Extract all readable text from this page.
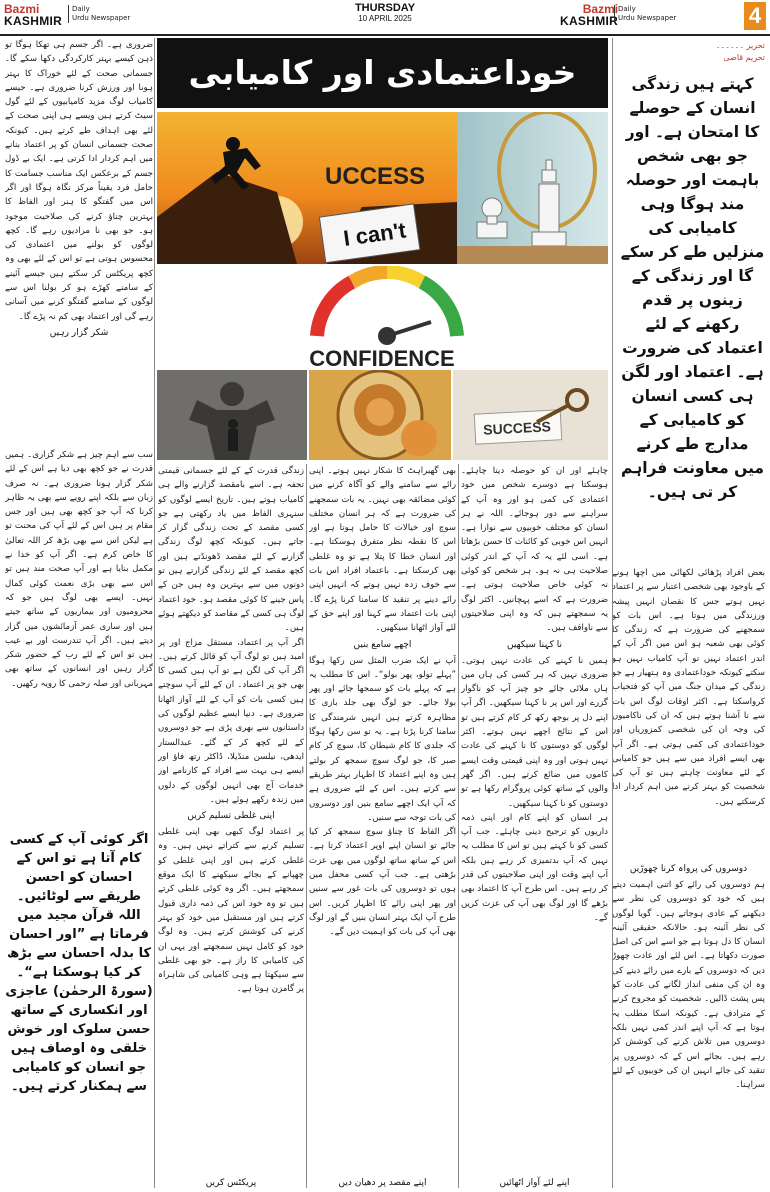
Bazmi
KASHMIR
Daily
Urdu Newspaper
THURSDAY
10 APRIL 2025
Bazmi
KASHMIR
Daily
Urdu Newspaper	4
تحریر ۔۔۔۔۔۔
تحریم قاضی
کہتے ہیں زندگی انسان کے حوصلے کا امتحان ہے۔ اور جو بھی شخص باہمت اور حوصلہ مند ہوگا وہی کامیابی کی منزلیں طے کر سکے گا اور زندگی کے زینوں پر قدم رکھنے کے لئے اعتماد کی ضرورت ہے۔ اعتماد اور لگن ہی کسی انسان کو کامیابی کے مدارج طے کرنے میں معاونت فراہم کر تی ہیں۔

بعض افراد پڑھائی لکھائی میں اچھا ہونے کے باوجود بھی شخصی اعتبار سے پر اعتماد نہیں ہوتے جس کا نقصان انہیں پیشہ ورزندگی میں ہوتا ہے۔ اس بات کو سمجھنے کی ضرورت ہے کہ زندگی کا کوئی بھی شعبہ ہو اس میں اگر آپ کے اندر اعتماد نہیں تو آپ کامیاب نہیں ہو سکتے کیونکہ خوداعتمادی وہ ہتھیار ہے جو زندگی کے میدان جنگ میں آپ کو فتحیاب کرواسکتا ہے۔ اکثر اوقات لوگ اس بات سے نا آشنا ہوتے ہیں کہ ان کی ناکامیوں کی وجہ ان کی شخصی کمزوریاں اور خوداعتمادی کی کمی ہوتی ہے۔ اگر آپ بھی ایسے افراد میں سے ہیں جو کامیابی کے لئے معاونت چاہتے ہیں تو آپ کی شخصیت کو بہتر کرنے میں اہم کردار ادا کرسکتے ہیں۔

دوسروں کی پرواہ کرنا چھوڑیں

ہم دوسروں کی رائے کو اتنی اہمیت دیتے ہیں کہ خود کو دوسروں کی نظر سے دیکھنے کے عادی ہوجاتے ہیں۔ گویا لوگوں کی نظر آئینہ ہو۔ حالانکہ حقیقی آئینہ انسان کا دل ہوتا ہے جو اسے اس کی اصل صورت دکھاتا ہے۔ اس لئے اور عادت چھوڑ دیں کہ دوسروں کے بارے میں رائے دینے کی وہ ان کی منفی انداز لگانے کی عادت کو پس پشت ڈالیں۔ شخصیت کو مجروح کرنے کے مترادف ہے۔ کیونکہ اسکا مطلب یہ ہوتا ہے کہ آپ اپنے اندر کمی نہیں بلکہ دوسروں میں تلاش کرنے کی کوشش کر رہے ہیں۔ بجائے اس کے کہ دوسروں پر تنقید کی جائے انہیں ان کی خوبیوں کے لئے سراہنا۔

خوداعتمادی اور کامیابی
UCCESS
I can't
CONFIDENCE
SUCCESS

ضروری ہے۔ اگر جسم ہی تھکا ہوگا تو ذہن کیسے بہتر کارکردگی دکھا سکے گا۔ جسمانی صحت کے لئے خوراک کا بہتر ہونا اور ورزش کرنا ضروری ہے۔ جیسے کامیاب لوگ مزید کامیابیوں کے لئے گول سیٹ کرتے ہیں ویسے ہی اپنی صحت کے لئے بھی اہداف طے کرتے ہیں۔ کیونکہ صحت جسمانی انسان کو پر اعتماد بنانے میں اہم کردار ادا کرتی ہے۔ ایک بے ڈول جسم کے برعکس ایک مناسب جسامت کا حامل فرد یقیناً مرکز نگاہ ہوگا اور اگر اس میں گفتگو کا ہنر اور الفاظ کا بہترین چناؤ کرنے کی صلاحیت موجود ہو۔ جو بھی نا مرادیوں رہے گا۔ کچھ لوگوں کو بولنے میں اعتمادی کی محسوس ہوتی ہے تو اس کے لئے بھی وہ کچھ پریکٹس کر سکتے ہیں جیسے آئینے کے سامنے کھڑے ہو کر بولنا اس سے لوگوں کے سامنے گفتگو کرنے میں آسانی رہے گی اور اعتماد بھی کم نہ پڑے گا۔

شکر گزار رہیں

سب سے اہم چیز ہے شکر گزاری۔ ہمیں قدرت نے جو کچھ بھی دیا ہے اس کے لئے شکر گزار ہونا ضروری ہے۔ نہ صرف زبان سے بلکہ اپنے رویے سے بھی یہ ظاہر کرنا کہ آپ جو کچھ بھی ہیں اور جس مقام پر ہیں اس کے لئے آپ کی محنت تو ہے لیکن اس سے بھی بڑھ کر اللہ تعالیٰ کا خاص کرم ہے۔ اگر آپ کو خدا نے مکمل بنایا ہے اور آپ صحت مند ہیں تو اس سے بھی بڑی نعمت کوئی کمال نہیں۔ ایسے بھی لوگ ہیں جو کہ محرومیوں اور بیماریوں کے ساتھ جیتے ہیں اور ساری عمر آزمائشوں میں گزار دیتے ہیں۔ اگر آپ تندرست اور بے عیب ہیں تو اس کے لئے رب کے حضور شکر گزار رہیں اور انسانوں کے ساتھ بھی مہربانی اور صلہ رحمی کا رویہ رکھیں۔

اگر کوئی آپ کے کسی کام آتا ہے تو اس کے احسان کو احسن طریقے سے لوٹائیں۔ اللہ قرآن مجید میں فرماتا ہے ”اور احسان کا بدلہ احسان سے بڑھ کر کیا ہوسکتا ہے“۔ (سورۃ الرحمٰن) عاجزی اور انکساری کے ساتھ حسن سلوک اور خوش خلقی وہ اوصاف ہیں جو انسان کو کامیابی سے ہمکنار کرتے ہیں۔

زندگی قدرت کے کے لئے جسمانی قیمتی تحفہ ہے۔ اسے بامقصد گزارنے والے ہی کامیاب ہوتے ہیں۔ تاریخ ایسے لوگوں کو سنہری الفاظ میں یاد رکھتی ہے جو کسی مقصد کے تحت زندگی گزار کر جاتے ہیں۔ کیونکہ کچھ لوگ زندگی گزارنے کے لئے مقصد ڈھونڈتے ہیں اور کچھ مقصد کے لئے زندگی گزارتے ہیں تو دونوں میں سے بہترین وہ ہیں جن کے پاس جینے کا کوئی مقصد ہو۔ خود اعتماد لوگ ہی کسی کے مقاصد کو دیکھتے ہوئے ہیں۔

اگر آپ پر اعتماد، مستقل مزاج اور پر امید ہیں تو لوگ آپ کو قائل کرتے ہیں۔ اگر آپ کی لگن ہے تو آپ ہیں کسی کا بھی جو پر اعتماد۔ ان کے لئے آپ سوچتے ہیں کسی بات کو آپ کے لئے آواز اٹھانا ضروری ہے۔ دنیا ایسے عظیم لوگوں کی داستانوں سے بھری پڑی ہے جو دوسروں کے لئے کچھ کر کے گئے۔ عبدالستار ایدھی، نیلسن منڈیلا، ڈاکٹر رتھ فاؤ اور ایسے ہی بہت سے افراد کے کارنامے اور خدمات آج بھی انہیں لوگوں کے دلوں میں زندہ رکھے ہوئے ہیں۔

اپنی غلطی تسلیم کریں

پر اعتماد لوگ کبھی بھی اپنی غلطی تسلیم کرنے سے کتراتے نہیں ہیں۔ وہ غلطی کرتے ہیں اور اپنی غلطی کو چھپانے کے بجائے سیکھنے کا ایک موقع سمجھتے ہیں۔ اگر وہ کوئی غلطی کرتے ہیں تو وہ خود اس کی ذمہ داری قبول کرتے ہیں اور مستقبل میں خود کو بہتر کرنے کی کوشش کرتے ہیں۔ وہ لوگ خود کو کامل نہیں سمجھتے اور یہی ان کی کامیابی کا راز ہے۔ جو بھی غلطی سے سیکھتا ہے وہی کامیابی کی شاہراہ پر گامزن ہوتا ہے۔

پریکٹس کریں

بھی گھبراہٹ کا شکار نہیں ہوتے۔ اپنی رائے سے سامنے والے کو آگاہ کرنے میں کوئی مضائقہ بھی نہیں۔ یہ بات سمجھنے کی ضرورت ہے کہ ہر انسان مختلف سوچ اور خیالات کا حامل ہوتا ہے اور اس کا نقطہ نظر متفرق ہوسکتا ہے۔ اور انسان خطا کا پتلا ہے تو وہ غلطی بھی کرسکتا ہے۔ باعتماد افراد اس بات سے خوف زدہ نہیں ہوتے کہ انہیں اپنی رائے دینے پر تنقید کا سامنا کرنا پڑے گا۔ اپنی بات اعتماد سے کہنا اور اپنے حق کے لئے آواز اٹھانا سیکھیں۔

اچھے سامع بنیں

آپ نے ایک ضرب المثل سن رکھا ہوگا ”پہلے تولو، پھر بولو“۔ اس کا مطلب یہ ہے کہ پہلے بات کو سمجھا جائے اور پھر بولا جائے۔ جو لوگ بھی جلد بازی کا مظاہرہ کرتے ہیں انہیں شرمندگی کا سامنا کرنا پڑتا ہے۔ یہ تو سن رکھا ہوگا کہ جلدی کا کام شیطان کا، سوچ کر کام صبر کا، جو لوگ سوچ سمجھ کر بولتے ہیں وہ اپنے اعتماد کا اظہار بہتر طریقے سے کرتے ہیں۔ اس کے لئے ضروری ہے کہ آپ ایک اچھے سامع بنیں اور دوسروں کی بات توجہ سے سنیں۔

اگر الفاظ کا چناؤ سوچ سمجھ کر کیا جائے تو انسان اپنے اوپر اعتماد کرتا ہے۔ اس کے ساتھ ساتھ لوگوں میں بھی عزت بڑھتی ہے۔ جب آپ کسی محفل میں ہوں تو دوسروں کی بات غور سے سنیں اور پھر اپنی رائے کا اظہار کریں۔ اس طرح آپ ایک بہتر انسان بنیں گے اور لوگ بھی آپ کی بات کو اہمیت دیں گے۔

اپنے مقصد پر دھیان دیں

چاہئے اور ان کو حوصلہ دینا چاہئے۔ ہوسکتا ہے دوسرے شخص میں خود اعتمادی کی کمی ہو اور وہ آپ کے سراہنے سے دور ہوجائے۔ اللہ نے ہر انسان کو مختلف خوبیوں سے نوازا ہے۔ انہیں اس خوبی کو کائنات کا حسن بڑھاتا ہے۔ اسی لئے یہ کہ آپ کے اندر کوئی صلاحیت ہی نہ ہو۔ ہر شخص کو کوئی نہ کوئی خاص صلاحیت ہوتی ہے۔ ضرورت ہے کہ اسے پہچانیں۔ اکثر لوگ یہ سمجھتے ہیں کہ وہ اپنی صلاحیتوں سے ناواقف ہیں۔

نا کہنا سیکھیں

ہمیں نا کہنے کی عادت نہیں ہوتی۔ ضروری نہیں کہ ہر کسی کی ہاں میں ہاں ملائی جائے جو چیز آپ کو ناگوار گزرے اور اس پر نا کہنا سیکھیں۔ اگر آپ اپنے دل پر بوجھ رکھ کر کام کرتے ہیں تو اس کے نتائج اچھے نہیں ہوتے۔ اکثر لوگوں کو دوستوں کا نا کہنے کی عادت نہیں ہوتی اور وہ اپنی قیمتی وقت ایسے کاموں میں ضائع کرتے ہیں۔ اگر گھر والوں کے ساتھ کوئی پروگرام رکھا ہے تو دوستوں کو نا کہنا سیکھیں۔

ہر انسان کو اپنے کام اور اپنی ذمہ داریوں کو ترجیح دینی چاہئے۔ جب آپ کسی کو نا کہتے ہیں تو اس کا مطلب یہ نہیں کہ آپ بدتمیزی کر رہے ہیں بلکہ آپ اپنے وقت اور اپنی صلاحیتوں کی قدر کر رہے ہیں۔ اس طرح آپ کا اعتماد بھی بڑھے گا اور لوگ بھی آپ کی عزت کریں گے۔

اپنے لئے آواز اٹھائیں
